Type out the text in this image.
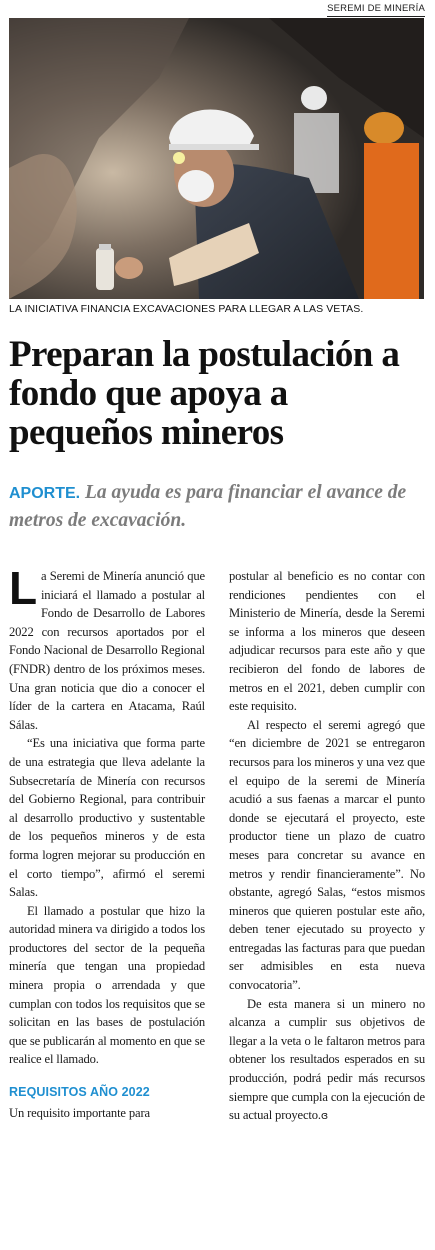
SEREMI DE MINERÍA
LA INICIATIVA FINANCIA EXCAVACIONES PARA LLEGAR A LAS VETAS.
Preparan la postulación a fondo que apoya a pequeños mineros
APORTE. La ayuda es para financiar el avance de metros de excavación.

La Seremi de Minería anunció que iniciará el llamado a postular al Fondo de Desarrollo de Labores 2022 con recursos aportados por el Fondo Nacional de Desarrollo Regional (FNDR) dentro de los próximos meses. Una gran noticia que dio a conocer el líder de la cartera en Atacama, Raúl Sálas.

“Es una iniciativa que forma parte de una estrategia que lleva adelante la Subsecretaría de Minería con recursos del Gobierno Regional, para contribuir al desarrollo productivo y sustentable de los pequeños mineros y de esta forma logren mejorar su producción en el corto tiempo”, afirmó el seremi Salas.

El llamado a postular que hizo la autoridad minera va dirigido a todos los productores del sector de la pequeña minería que tengan una propiedad minera propia o arrendada y que cumplan con todos los requisitos que se solicitan en las bases de postulación que se publicarán al momento en que se realice el llamado.

REQUISITOS AÑO 2022

Un requisito importante para

postular al beneficio es no contar con rendiciones pendientes con el Ministerio de Minería, desde la Seremi se informa a los mineros que deseen adjudicar recursos para este año y que recibieron del fondo de labores de metros en el 2021, deben cumplir con este requisito.

Al respecto el seremi agregó que “en diciembre de 2021 se entregaron recursos para los mineros y una vez que el equipo de la seremi de Minería acudió a sus faenas a marcar el punto donde se ejecutará el proyecto, este productor tiene un plazo de cuatro meses para concretar su avance en metros y rendir financieramente”. No obstante, agregó Salas, “estos mismos mineros que quieren postular este año, deben tener ejecutado su proyecto y entregadas las facturas para que puedan ser admisibles en esta nueva convocatoria”.

De esta manera si un minero no alcanza a cumplir sus objetivos de llegar a la veta o le faltaron metros para obtener los resultados esperados en su producción, podrá pedir más recursos siempre que cumpla con la ejecución de su actual proyecto.ɞ
